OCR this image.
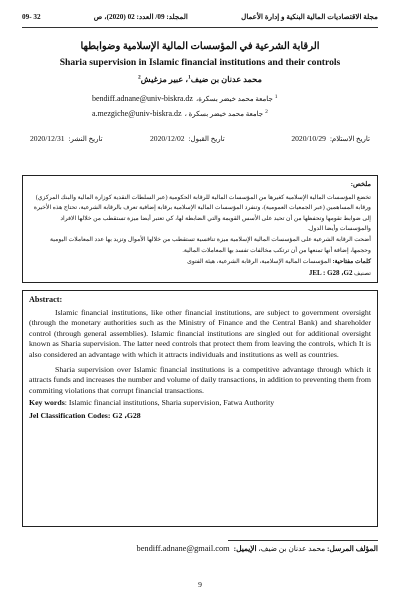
09- 32	المجلد: 09/ العدد: 02 (2020)، ص	مجلة الاقتصاديات المالية البنكية و إدارة الأعمال
الرقابة الشرعية في المؤسسات المالية الإسلامية وضوابطها
Sharia supervision in Islamic financial institutions and their controls
محمد عدنان بن ضيف$^1$، عبير مزغيش$^2$
bendiff.adnane@univ-biskra.dz جامعة محمد خيضر بسكرة، 1
a.mezgiche@univ-biskra.dz جامعة محمد خيضر بسكرة ، 2
2020/10/29 تاريخ الاستلام:
2020/12/02 تاريخ القبول:
2020/12/31 تاريخ النشر:
ملخص:

تخضع المؤسسات المالية الإسلامية كغيرها من المؤسسات المالية للرقابة الحكومية (عبر السلطات النقدية كوزارة المالية والبنك المركزي) ورقابة المساهمين (عبر الجمعيات العمومية)، وتنفرد المؤسسات المالية الإسلامية برقابة إضافية تعرف بالرقابة الشرعية، تحتاج هذه الأخيرة إلى ضوابط تقومها وتحفظها من أن تحيد على الأسس القويمة والتي الضابطة لها، كي تعتبر أيضا ميزة تستقطب من خلالها الافراد والمؤسسات وأيضا الدول.

أضحت الرقابة الشرعية على المؤسسات المالية الإسلامية ميزة تنافسية تستقطب من خلالها الأموال وتزيد بها عدد المعاملات اليومية وحجمها، إضافة أنها تمنعها من أن ترتكب مخالفات تفسد بها المعاملات المالية.

كلمات مفتاحية: المؤسسات المالية الإسلامية، الرقابة الشرعية، هيئة الفتوى

تصنيف JEL : G28 ،G2

Abstract:

Islamic financial institutions, like other financial institutions, are subject to government oversight (through the monetary authorities such as the Ministry of Finance and the Central Bank) and shareholder control (through general assemblies). Islamic financial institutions are singled out for additional oversight known as Sharia supervision. The latter need controls that protect them from leaving the controls, which It is also considered an advantage with which it attracts individuals and institutions as well as countries.

Sharia supervision over Islamic financial institutions is a competitive advantage through which it attracts funds and increases the number and volume of daily transactions, in addition to preventing them from commiting violations that corrupt financial transactions.

Key words: Islamic financial institutions, Sharia supervision, Fatwa Authority

Jel Classification Codes: G2 ،G28

bendiff.adnane@gmail.com	المؤلف المرسل: محمد عدنان بن ضيف، الإيميل:
9
